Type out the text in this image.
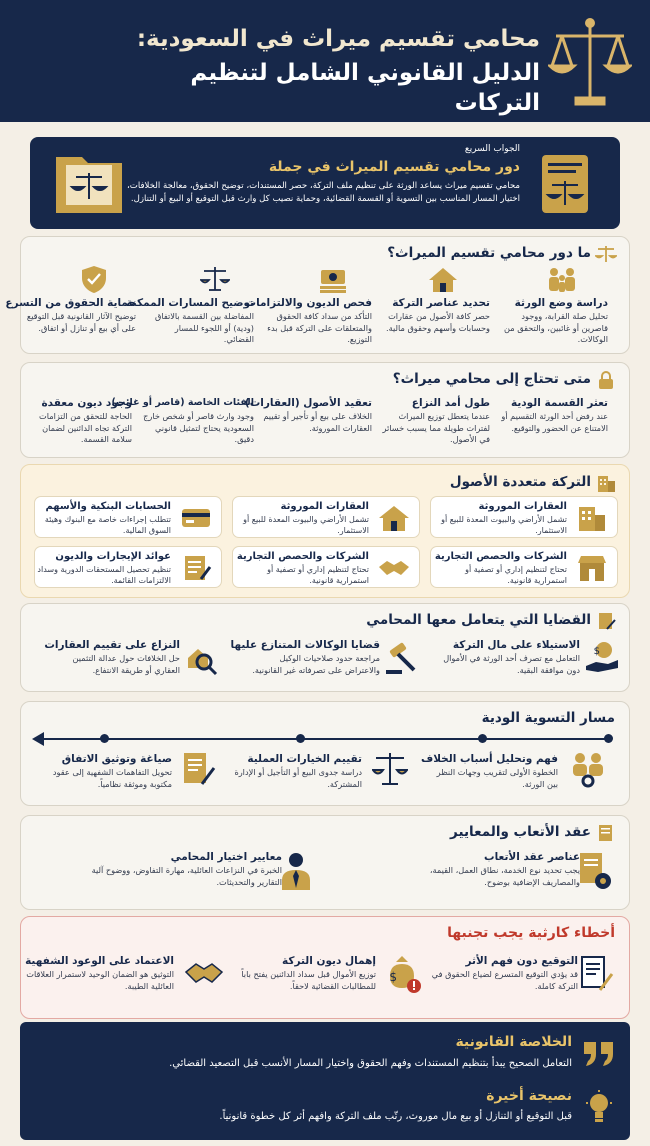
محامي تقسيم ميراث في السعودية:
الدليل القانوني الشامل لتنظيم التركات
الجواب السريع
دور محامي تقسيم الميراث في جملة
محامي تقسيم ميراث يساعد الورثة على تنظيم ملف التركة، حصر المستندات، توضيح الحقوق، معالجة الخلافات، اختيار المسار المناسب بين التسوية أو القسمة القضائية، وحماية نصيب كل وارث قبل التوقيع أو البيع أو التنازل.
ما دور محامي تقسيم الميراث؟
دراسة وضع الورثة
تحليل صلة القرابة، ووجود قاصرين أو غائبين، والتحقق من الوكالات.
تحديد عناصر التركة
حصر كافة الأصول من عقارات وحسابات وأسهم وحقوق مالية.
فحص الديون والالتزامات
التأكد من سداد كافة الحقوق والمتعلقات على التركة قبل بدء التوزيع.
توضيح المسارات الممكنة
المفاضلة بين القسمة بالاتفاق (ودية) أو اللجوء للمسار القضائي.
حماية الحقوق من التسرع
توضيح الآثار القانونية قبل التوقيع على أي بيع أو تنازل أو اتفاق.
متى تحتاج إلى محامي ميراث؟
تعثر القسمة الودية
عند رفض أحد الورثة التقسيم أو الامتناع عن الحضور والتوقيع.
طول أمد النزاع
عندما يتعطل توزيع الميراث لفترات طويلة مما يسبب خسائر في الأصول.
تعقيد الأصول (العقارات)
الخلاف على بيع أو تأجير أو تقييم العقارات الموروثة.
الفئات الخاصة (قاصر أو غائب)
وجود وارث قاصر أو شخص خارج السعودية يحتاج لتمثيل قانوني دقيق.
وجود ديون معقدة
الحاجة للتحقق من التزامات التركة تجاه الدائنين لضمان سلامة القسمة.
التركة متعددة الأصول
العقارات الموروثة
تشمل الأراضي والبيوت المعدة للبيع أو الاستثمار.
العقارات الموروثة
تشمل الأراضي والبيوت المعدة للبيع أو الاستثمار.
الحسابات البنكية والأسهم
تتطلب إجراءات خاصة مع البنوك وهيئة السوق المالية.
الشركات والحصص التجارية
تحتاج لتنظيم إداري أو تصفية أو استمرارية قانونية.
الشركات والحصص التجارية
تحتاج لتنظيم إداري أو تصفية أو استمرارية قانونية.
عوائد الإيجارات والديون
تنظيم تحصيل المستحقات الدورية وسداد الالتزامات القائمة.
القضايا التي يتعامل معها المحامي
$
الاستيلاء على مال التركة
التعامل مع تصرف أحد الورثة في الأموال دون موافقة البقية.
قضايا الوكالات المتنازع عليها
مراجعة حدود صلاحيات الوكيل والاعتراض على تصرفاته غير القانونية.
النزاع على تقييم العقارات
حل الخلافات حول عدالة التثمين العقاري أو طريقة الانتفاع.
مسار التسوية الودية
فهم وتحليل أسباب الخلاف
الخطوة الأولى لتقريب وجهات النظر بين الورثة.
تقييم الخيارات العملية
دراسة جدوى البيع أو التأجيل أو الإدارة المشتركة.
صياغة وتوثيق الاتفاق
تحويل التفاهمات الشفهية إلى عقود مكتوبة وموثقة نظامياً.
عقد الأتعاب والمعايير
عناصر عقد الأتعاب
يجب تحديد نوع الخدمة، نطاق العمل، القيمة، والمصاريف الإضافية بوضوح.
معايير اختيار المحامي
الخبرة في النزاعات العائلية، مهارة التفاوض، ووضوح آلية التقارير والتحديثات.
أخطاء كارثية يجب تجنبها
$
التوقيع دون فهم الأثر
قد يؤدي التوقيع المتسرع لضياع الحقوق في التركة كاملة.
إهمال ديون التركة
توزيع الأموال قبل سداد الدائنين يفتح باباً للمطالبات القضائية لاحقاً.
الاعتماد على الوعود الشفهية
التوثيق هو الضمان الوحيد لاستمرار العلاقات العائلية الطيبة.
الخلاصة القانونية
التعامل الصحيح يبدأ بتنظيم المستندات وفهم الحقوق واختيار المسار الأنسب قبل التصعيد القضائي.
نصيحة أخيرة
قبل التوقيع أو التنازل أو بيع مال موروث، رتّب ملف التركة وافهم أثر كل خطوة قانونياً.
